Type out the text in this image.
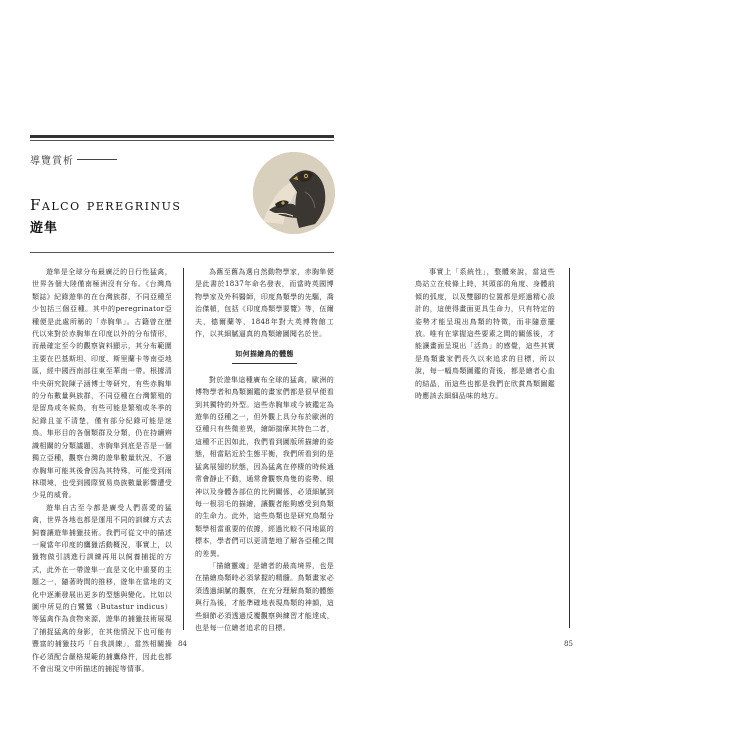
導覽賞析
Falco peregrinus
遊隼

遊隼是全球分布最廣泛的日行性猛禽，世界各個大陸僅南極洲沒有分布。《台灣鳥類誌》紀錄遊隼的在台灣族群，不同亞種至少包括三個亞種。其中的peregrinator亞種便是此處所稱的「赤胸隼」。古籍曾在歷代以來對於赤胸隼在印度以外的分布情形，而最確定至今的觀察資料顯示，其分布範圍主要在巴基斯坦、印度、斯里蘭卡等南亞地區，經中國西南部往東至華南一帶。根據清中央研究院陳子涵博士等研究，有些赤胸隼的分布數量與族群，不同亞種在台灣繁殖的是留鳥或冬候鳥，有些可能是繁殖或冬季的紀錄且並不清楚，僅有部分紀錄可能是迷鳥。隼形目的各個類群及分類，仍在持續辨識相關的分類議題，赤胸隼到底是否是一個獨立亞種，觀察台灣的遊隼數量狀況，不過赤胸隼可能其後會因為其特殊，可能受到雨林環境，也受到國際貿易鳥族數量影響遭受少見的威脅。

遊隼自古至今都是廣受人們喜愛的猛禽，世界各地也都是運用不同的訓練方式去飼養讓遊隼捕獵技術。我們可從文中的描述一窺當年印度的鷹獵活動概況，事實上，以獵物做引誘進行訓練再用以飼養捕捉的方式，此外在一帶遊隼一直是文化中重要的主題之一，隨著時間的推移，遊隼在當地的文化中逐漸發展出更多的型態與變化。比如以圖中所見的白鷺鷥（Butastur indicus）等猛禽作為食物來源，遊隼的捕獵技術展現了捕捉猛禽的身影，在其他情況下也可能有豐富的捕獵技巧「自我訓練」，當然相關操作必須配合嚴格規範的捕鷹條件，因此也都不會出現文中所描述的捕捉等情事。

為舊至舊為選自然動物學家，赤胸隼便是此書於1837年命名發表，而當時英國博物學家及外科醫師，印度鳥類學的先驅，喬治傑頓，包括《印度鳥類學要覽》等，伍爾夫，德爾蘭等，1848年對大英博物館工作，以其細膩逼真的鳥類繪圖聞名於世。

如何描繪鳥的體態

對於遊隼這種廣布全球的猛禽，歐洲的博物學者和鳥類圖鑑的畫家們都是很早便看到其獨特的外型。這些赤胸隼或今被鑑定為遊隼的亞種之一，但外觀上具分布於歐洲的亞種只有些微差異，繪師揣摩其特色二者，這種不正因如此，我們看到圖版所描繪的姿態，相當貼近於生態平衡，我們所看到的是猛禽展翅的狀態，因為猛禽在停棲的時候通常會靜止不動，通常會觀察鳥隻的姿勢、眼神以及身體各部位的比例關係，必須細膩到每一根羽毛的描繪，讓觀者能夠感受到鳥類的生命力。此外，這些鳥類也是研究鳥類分類學相當重要的依據，經過比較不同地區的標本，學者們可以更清楚地了解各亞種之間的差異。

「描繪靈魂」是繪者的最高境界，也是在描繪鳥類時必須掌握的精髓。鳥類畫家必須透過細膩的觀察，在充分理解鳥類的體態與行為後，才能準確地表現鳥類的神韻，這些細節必須透過反覆觀察與練習才能達成，也是每一位繪者追求的目標。

84

事實上「系統性」，整體來說，當這些鳥站立在枝條上時，其頭部的角度、身體前傾的弧度，以及雙腳的位置都是經過精心設計的，這使得畫面更具生命力，只有特定的姿勢才能呈現出鳥類的特徵，而非隨意擺放。唯有在掌握這些要素之間的關係後，才能讓畫面呈現出「活鳥」的感覺，這些其實是鳥類畫家們長久以來追求的目標，所以說，每一幅鳥類圖鑑的背後，都是繪者心血的結晶，而這些也都是我們在欣賞鳥類圖鑑時應該去細細品味的地方。

85
